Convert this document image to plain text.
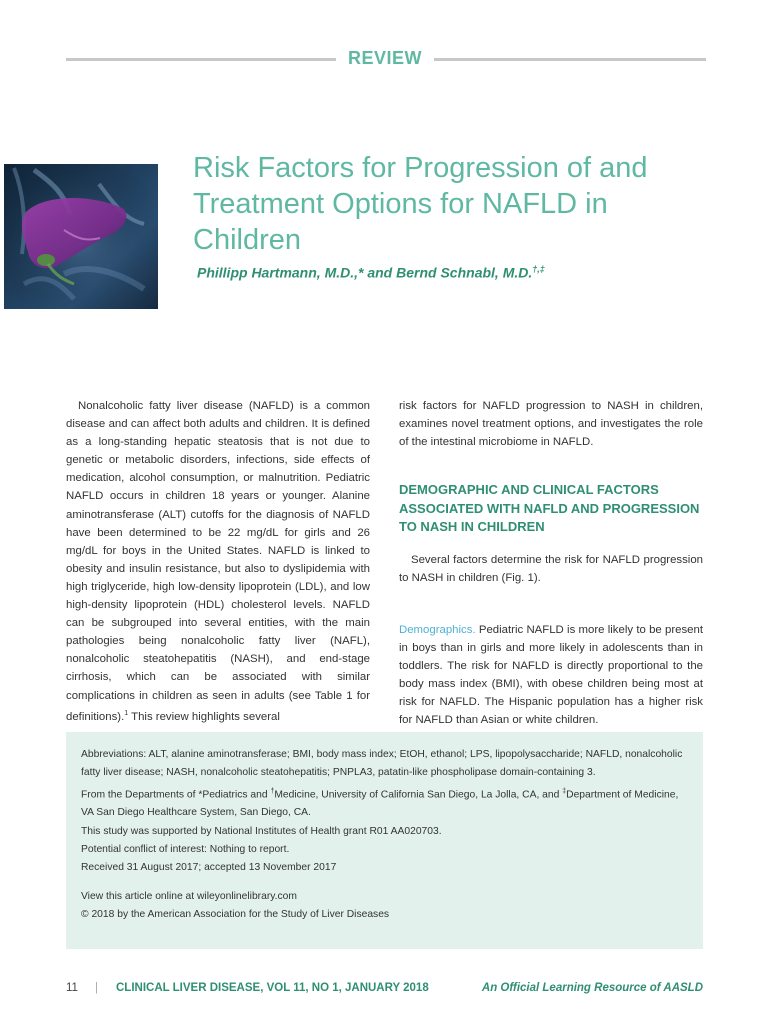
REVIEW
Risk Factors for Progression of and Treatment Options for NAFLD in Children
Phillipp Hartmann, M.D.,* and Bernd Schnabl, M.D.†,‡

Nonalcoholic fatty liver disease (NAFLD) is a common disease and can affect both adults and children. It is defined as a long-standing hepatic steatosis that is not due to genetic or metabolic disorders, infections, side effects of medication, alcohol consumption, or malnutrition. Pediatric NAFLD occurs in children 18 years or younger. Alanine aminotransferase (ALT) cutoffs for the diagnosis of NAFLD have been determined to be 22 mg/dL for girls and 26 mg/dL for boys in the United States. NAFLD is linked to obesity and insulin resistance, but also to dyslipidemia with high triglyceride, high low-density lipoprotein (LDL), and low high-density lipoprotein (HDL) cholesterol levels. NAFLD can be subgrouped into several entities, with the main pathologies being nonalcoholic fatty liver (NAFL), nonalcoholic steatohepatitis (NASH), and end-stage cirrhosis, which can be associated with similar complications in children as seen in adults (see Table 1 for definitions).$^1$ This review highlights several

risk factors for NAFLD progression to NASH in children, examines novel treatment options, and investigates the role of the intestinal microbiome in NAFLD.

DEMOGRAPHIC AND CLINICAL FACTORS ASSOCIATED WITH NAFLD AND PROGRESSION TO NASH IN CHILDREN

Several factors determine the risk for NAFLD progression to NASH in children (Fig. 1).

Demographics. Pediatric NAFLD is more likely to be present in boys than in girls and more likely in adolescents than in toddlers. The risk for NAFLD is directly proportional to the body mass index (BMI), with obese children being most at risk for NAFLD. The Hispanic population has a higher risk for NAFLD than Asian or white children.

Abbreviations: ALT, alanine aminotransferase; BMI, body mass index; EtOH, ethanol; LPS, lipopolysaccharide; NAFLD, nonalcoholic fatty liver disease; NASH, nonalcoholic steatohepatitis; PNPLA3, patatin-like phospholipase domain-containing 3.

From the Departments of *Pediatrics and †Medicine, University of California San Diego, La Jolla, CA, and ‡Department of Medicine, VA San Diego Healthcare System, San Diego, CA.

This study was supported by National Institutes of Health grant R01 AA020703.

Potential conflict of interest: Nothing to report.

Received 31 August 2017; accepted 13 November 2017

View this article online at wileyonlinelibrary.com

© 2018 by the American Association for the Study of Liver Diseases

11 | CLINICAL LIVER DISEASE, VOL 11, NO 1, JANUARY 2018	An Official Learning Resource of AASLD
